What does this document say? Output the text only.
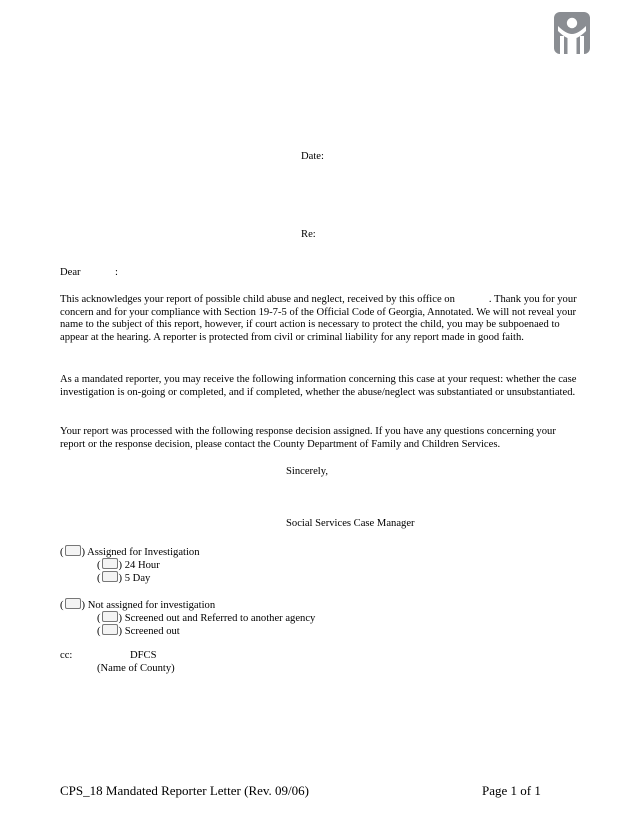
Date:
Re:
Dear	:
This acknowledges your report of possible child abuse and neglect, received by this office on	. Thank you for your concern and for your compliance with Section 19-7-5 of the Official Code of Georgia, Annotated. We will not reveal your name to the subject of this report, however, if court action is necessary to protect the child, you may be subpoenaed to appear at the hearing. A reporter is protected from civil or criminal liability for any report made in good faith.
As a mandated reporter, you may receive the following information concerning this case at your request: whether the case investigation is on-going or completed, and if completed, whether the abuse/neglect was substantiated or unsubstantiated.
Your report was processed with the following response decision assigned. If you have any questions concerning your report or the response decision, please contact the County Department of Family and Children Services.
Sincerely,
Social Services Case Manager
( ) Assigned for Investigation
( ) 24 Hour
( ) 5 Day
( ) Not assigned for investigation
( ) Screened out and Referred to another agency
( ) Screened out
cc:	DFCS
(Name of County)
CPS_18 Mandated Reporter Letter (Rev. 09/06)	Page 1 of 1
